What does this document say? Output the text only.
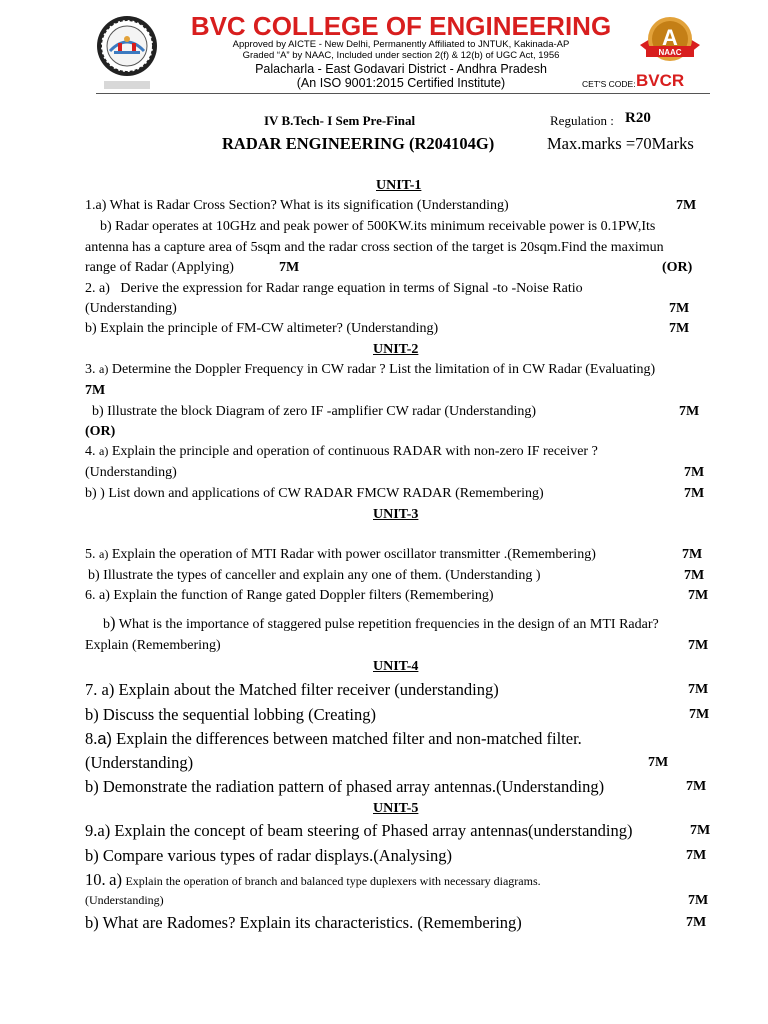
BVC COLLEGE OF ENGINEERING
Approved by AICTE - New Delhi, Permanently Affiliated to JNTUK, Kakinada-AP
Graded “A” by NAAC, Included under section 2(f) & 12(b) of UGC Act, 1956
Palacharla - East Godavari District - Andhra Pradesh
(An ISO 9001:2015 Certified Institute)
A
NAAC
CET'S CODE: BVCR
IV B.Tech- I Sem Pre-Final	Regulation : R20
RADAR ENGINEERING (R204104G)	Max.marks =70Marks
UNIT-1
1.a) What is Radar Cross Section? What is its signification (Understanding)	7M
b) Radar operates at 10GHz and peak power of 500KW.its minimum receivable power is 0.1PW,Its
antenna has a capture area of 5sqm and the radar cross section of the target is 20sqm.Find the maximun
range of Radar (Applying)	7M	(OR)
2. a) Derive the expression for Radar range equation in terms of Signal -to -Noise Ratio
(Understanding)	7M
b) Explain the principle of FM-CW altimeter? (Understanding)	7M
UNIT-2
3. a) Determine the Doppler Frequency in CW radar ? List the limitation of in CW Radar (Evaluating)
7M
b) Illustrate the block Diagram of zero IF -amplifier CW radar (Understanding)	7M
(OR)
4. a) Explain the principle and operation of continuous RADAR with non-zero IF receiver ?
(Understanding)	7M
b) ) List down and applications of CW RADAR FMCW RADAR (Remembering)	7M
UNIT-3
5. a) Explain the operation of MTI Radar with power oscillator transmitter .(Remembering)	7M
b) Illustrate the types of canceller and explain any one of them. (Understanding )	7M
6. a) Explain the function of Range gated Doppler filters (Remembering)	7M
b) What is the importance of staggered pulse repetition frequencies in the design of an MTI Radar?
Explain (Remembering)	7M
UNIT-4
7. a) Explain about the Matched filter receiver (understanding)	7M
b) Discuss the sequential lobbing (Creating)	7M
8.a) Explain the differences between matched filter and non-matched filter.
(Understanding)	7M
b) Demonstrate the radiation pattern of phased array antennas.(Understanding)	7M
UNIT-5
9.a) Explain the concept of beam steering of Phased array antennas(understanding)	7M
b) Compare various types of radar displays.(Analysing)	7M
10. a) Explain the operation of branch and balanced type duplexers with necessary diagrams.
(Understanding)	7M
b) What are Radomes? Explain its characteristics. (Remembering)	7M
